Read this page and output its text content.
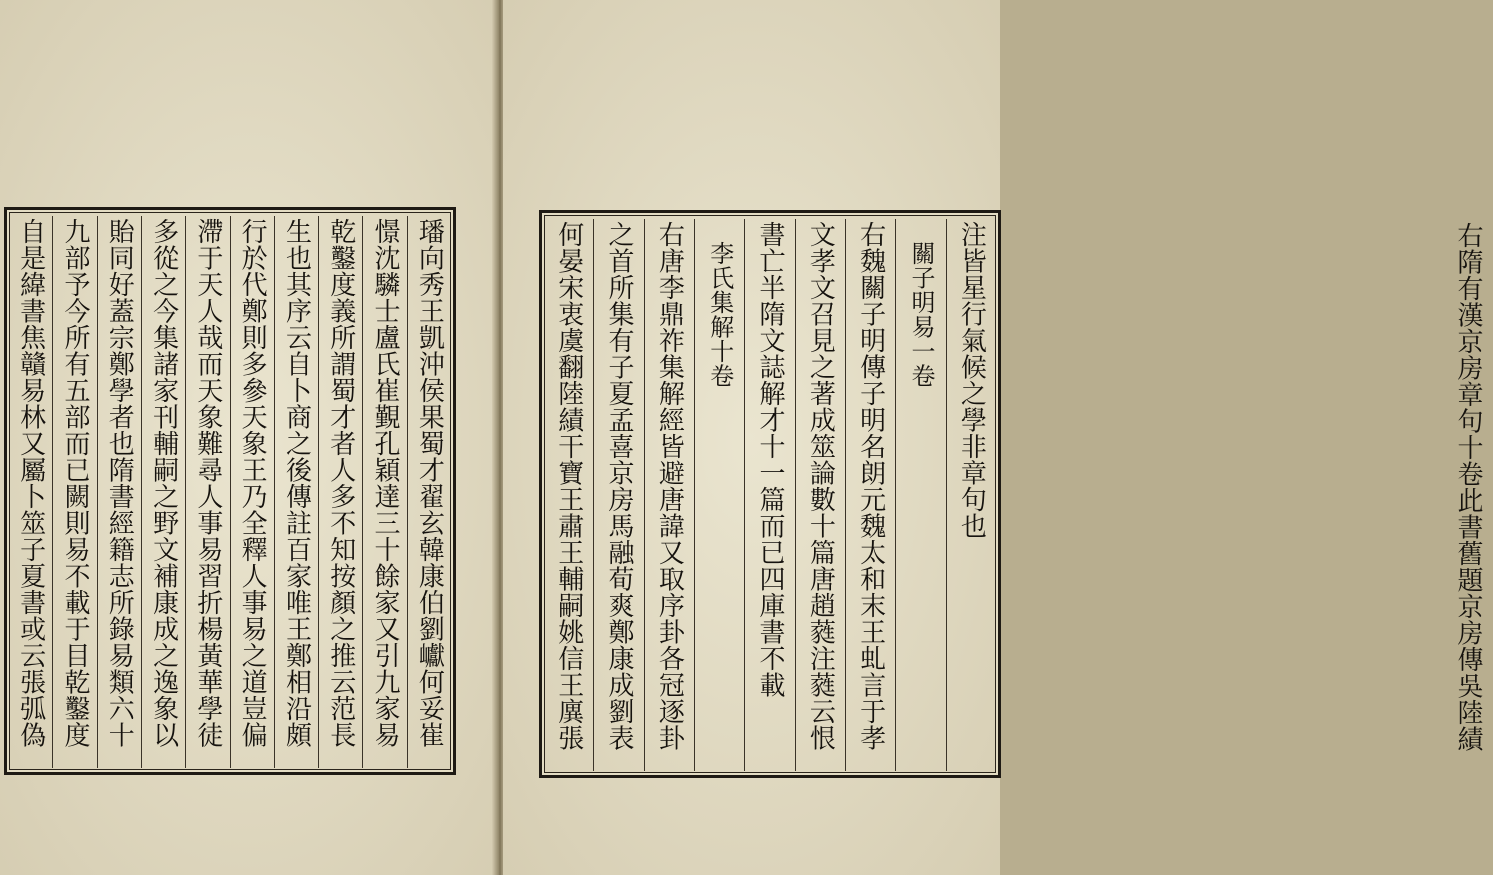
璠向秀王凱沖侯果蜀才翟玄韓康伯劉巘何妥崔
憬沈驎士盧氏崔覲孔穎達三十餘家又引九家易
乾鑿度義所謂蜀才者人多不知按顏之推云范長
生也其序云自卜商之後傳註百家唯王鄭相沿頗
行於代鄭則多參天象王乃全釋人事易之道豈偏
滯于天人哉而天象難尋人事易習折楊黃華學徒
多從之今集諸家刊輔嗣之野文補康成之逸象以
貽同好蓋宗鄭學者也隋書經籍志所錄易類六十
九部予今所有五部而已闕則易不載于目乾鑿度
自是緯書焦贛易林又屬卜筮子夏書或云張弧偽	右隋有漢京房章句十卷此書舊題京房傳吳陸績
注皆星行氣候之學非章句也
關子明易一卷
右魏關子明傳子明名朗元魏太和末王虬言于孝
文孝文召見之著成筮論數十篇唐趙蕤注蕤云恨
書亡半隋文誌解才十一篇而已四庫書不載
李氏集解十卷
右唐李鼎祚集解經皆避唐諱又取序卦各冠逐卦
之首所集有子夏孟喜京房馬融荀爽鄭康成劉表
何晏宋衷虞翻陸績干寶王肅王輔嗣姚信王廙張
